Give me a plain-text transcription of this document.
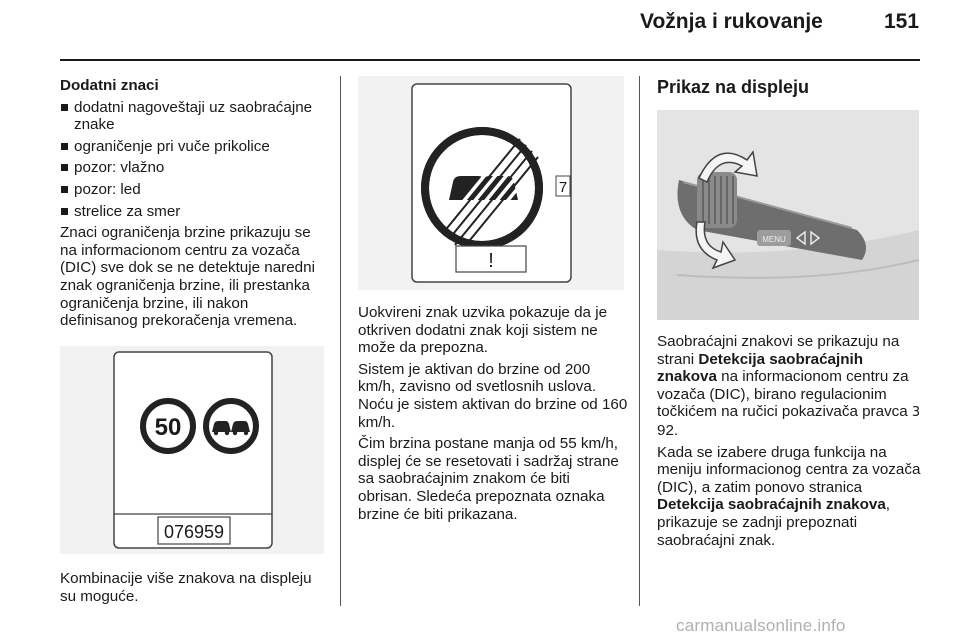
Vožnja i rukovanje	151

Dodatni znaci

dodatni nagoveštaji uz saobraćajne znake
ograničenje pri vuče prikolice
pozor: vlažno
pozor: led
strelice za smer

Znaci ograničenja brzine prikazuju se na informacionom centru za vozača (DIC) sve dok se ne detektuje naredni znak ograničenja brzine, ili prestanka ograničenja brzine, ili nakon definisanog prekoračenja vremena.

50
076959

Kombinacije više znakova na displeju su moguće.

7
!

Uokvireni znak uzvika pokazuje da je otkriven dodatni znak koji sistem ne može da prepozna.

Sistem je aktivan do brzine od 200 km/h, zavisno od svetlosnih uslova. Noću je sistem aktivan do brzine od 160 km/h.

Čim brzina postane manja od 55 km/h, displej će se resetovati i sadržaj strane sa saobraćajnim znakom će biti obrisan. Sledeća prepoznata oznaka brzine će biti prikazana.

Prikaz na displeju

MENU

Saobraćajni znakovi se prikazuju na strani Detekcija saobraćajnih znakova na informacionom centru za vozača (DIC), birano regulacionim točkićem na ručici pokazivača pravca 3 92.

Kada se izabere druga funkcija na meniju informacionog centra za vozača (DIC), a zatim ponovo stranica Detekcija saobraćajnih znakova, prikazuje se zadnji prepoznati saobraćajni znak.

carmanualsonline.info
